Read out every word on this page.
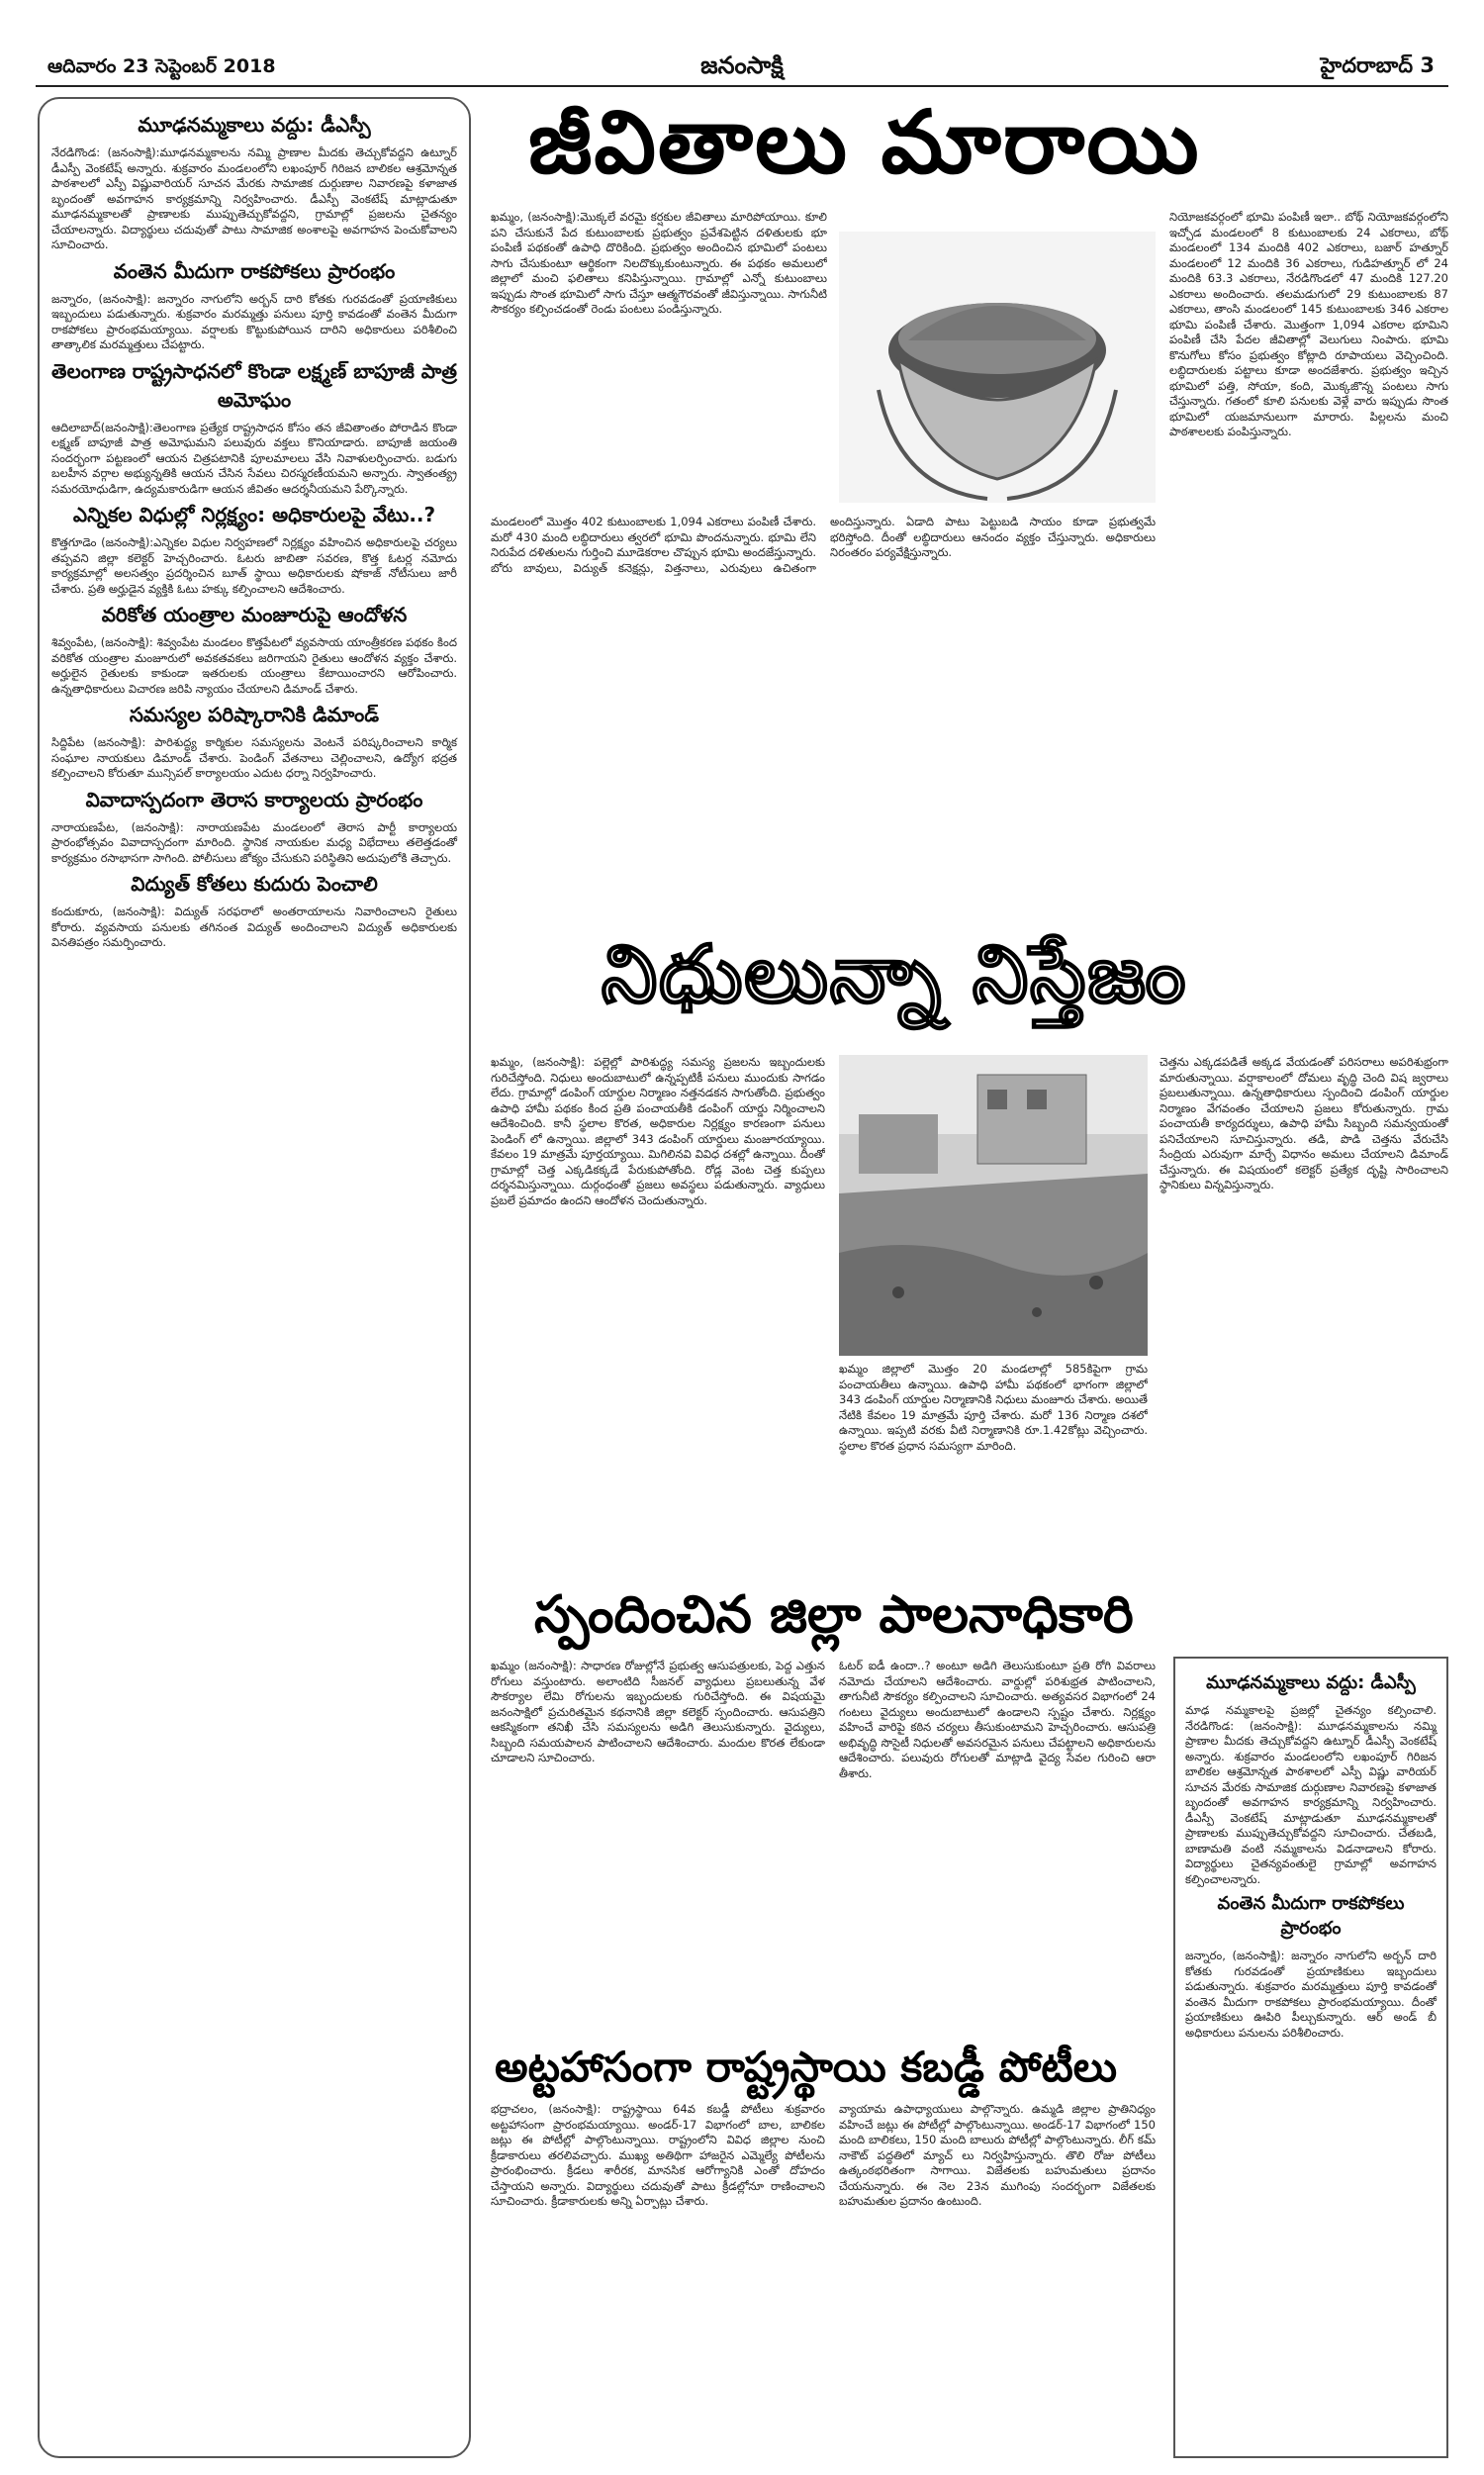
ఆదివారం 23 సెప్టెంబర్ 2018	జనంసాక్షి	హైదరాబాద్ 3
మూఢనమ్మకాలు వద్దు: డీఎస్పీ
నేరడిగొండ: (జనంసాక్షి):మూఢనమ్మకాలను నమ్మి ప్రాణాల మీదకు తెచ్చుకోవద్దని ఉట్నూర్ డీఎస్పీ వెంకటేష్ అన్నారు. శుక్రవారం మండలంలోని లఖంపూర్ గిరిజన బాలికల ఆశ్రమోన్నత పాఠశాలలో ఎస్పీ విష్ణువారియర్ సూచన మేరకు సామాజిక దుర్గుణాల నివారణపై కళాజాత బృందంతో అవగాహన కార్యక్రమాన్ని నిర్వహించారు. డీఎస్పీ వెంకటేష్ మాట్లాడుతూ మూఢనమ్మకాలతో ప్రాణాలకు ముప్పుతెచ్చుకోవద్దని, గ్రామాల్లో ప్రజలను చైతన్యం చేయాలన్నారు. విద్యార్థులు చదువుతో పాటు సామాజిక అంశాలపై అవగాహన పెంచుకోవాలని సూచించారు.
వంతెన మీదుగా రాకపోకలు ప్రారంభం
జన్నారం, (జనంసాక్షి): జన్నారం నాగులోని అర్బన్ దారి కోతకు గురవడంతో ప్రయాణికులు ఇబ్బందులు పడుతున్నారు. శుక్రవారం మరమ్మత్తు పనులు పూర్తి కావడంతో వంతెన మీదుగా రాకపోకలు ప్రారంభమయ్యాయి. వర్షాలకు కొట్టుకుపోయిన దారిని అధికారులు పరిశీలించి తాత్కాలిక మరమ్మత్తులు చేపట్టారు.
తెలంగాణ రాష్ట్రసాధనలో కొండా లక్ష్మణ్ బాపూజీ పాత్ర అమోఘం
ఆదిలాబాద్(జనంసాక్షి):తెలంగాణ ప్రత్యేక రాష్ట్రసాధన కోసం తన జీవితాంతం పోరాడిన కొండా లక్ష్మణ్ బాపూజీ పాత్ర అమోఘమని పలువురు వక్తలు కొనియాడారు. బాపూజీ జయంతి సందర్భంగా పట్టణంలో ఆయన చిత్రపటానికి పూలమాలలు వేసి నివాళులర్పించారు. బడుగు బలహీన వర్గాల అభ్యున్నతికి ఆయన చేసిన సేవలు చిరస్మరణీయమని అన్నారు. స్వాతంత్య్ర సమరయోధుడిగా, ఉద్యమకారుడిగా ఆయన జీవితం ఆదర్శనీయమని పేర్కొన్నారు.
ఎన్నికల విధుల్లో నిర్లక్ష్యం: అధికారులపై వేటు..?
కొత్తగూడెం (జనంసాక్షి):ఎన్నికల విధుల నిర్వహణలో నిర్లక్ష్యం వహించిన అధికారులపై చర్యలు తప్పవని జిల్లా కలెక్టర్ హెచ్చరించారు. ఓటరు జాబితా సవరణ, కొత్త ఓటర్ల నమోదు కార్యక్రమాల్లో అలసత్వం ప్రదర్శించిన బూత్ స్థాయి అధికారులకు షోకాజ్ నోటీసులు జారీ చేశారు. ప్రతి అర్హుడైన వ్యక్తికి ఓటు హక్కు కల్పించాలని ఆదేశించారు.
వరికోత యంత్రాల మంజూరుపై ఆందోళన
శివ్వంపేట, (జనంసాక్షి): శివ్వంపేట మండలం కొత్తపేటలో వ్యవసాయ యాంత్రీకరణ పథకం కింద వరికోత యంత్రాల మంజూరులో అవకతవకలు జరిగాయని రైతులు ఆందోళన వ్యక్తం చేశారు. అర్హులైన రైతులకు కాకుండా ఇతరులకు యంత్రాలు కేటాయించారని ఆరోపించారు. ఉన్నతాధికారులు విచారణ జరిపి న్యాయం చేయాలని డిమాండ్ చేశారు.
సమస్యల పరిష్కారానికి డిమాండ్
సిద్దిపేట (జనంసాక్షి): పారిశుద్ధ్య కార్మికుల సమస్యలను వెంటనే పరిష్కరించాలని కార్మిక సంఘాల నాయకులు డిమాండ్ చేశారు. పెండింగ్ వేతనాలు చెల్లించాలని, ఉద్యోగ భద్రత కల్పించాలని కోరుతూ మున్సిపల్ కార్యాలయం ఎదుట ధర్నా నిర్వహించారు.
వివాదాస్పదంగా తెరాస కార్యాలయ ప్రారంభం
నారాయణపేట, (జనంసాక్షి): నారాయణపేట మండలంలో తెరాస పార్టీ కార్యాలయ ప్రారంభోత్సవం వివాదాస్పదంగా మారింది. స్థానిక నాయకుల మధ్య విభేదాలు తలెత్తడంతో కార్యక్రమం రసాభాసగా సాగింది. పోలీసులు జోక్యం చేసుకుని పరిస్థితిని అదుపులోకి తెచ్చారు.
విద్యుత్ కోతలు కుదురు పెంచాలి
కందుకూరు, (జనంసాక్షి): విద్యుత్ సరఫరాలో అంతరాయాలను నివారించాలని రైతులు కోరారు. వ్యవసాయ పనులకు తగినంత విద్యుత్ అందించాలని విద్యుత్ అధికారులకు వినతిపత్రం సమర్పించారు.
జీవితాలు మారాయి
ఖమ్మం, (జనంసాక్షి):మొక్కలే వరమై కర్షకుల జీవితాలు మారిపోయాయి. కూలి పని చేసుకునే పేద కుటుంబాలకు ప్రభుత్వం ప్రవేశపెట్టిన దళితులకు భూ పంపిణీ పథకంతో ఉపాధి దొరికింది. ప్రభుత్వం అందించిన భూమిలో పంటలు సాగు చేసుకుంటూ ఆర్థికంగా నిలదొక్కుకుంటున్నారు. ఈ పథకం అమలులో జిల్లాలో మంచి ఫలితాలు కనిపిస్తున్నాయి. గ్రామాల్లో ఎన్నో కుటుంబాలు ఇప్పుడు సొంత భూమిలో సాగు చేస్తూ ఆత్మగౌరవంతో జీవిస్తున్నాయి. సాగునీటి సౌకర్యం కల్పించడంతో రెండు పంటలు పండిస్తున్నారు.
నియోజకవర్గంలో భూమి పంపిణీ ఇలా.. బోథ్ నియోజకవర్గంలోని ఇచ్చోడ మండలంలో 8 కుటుంబాలకు 24 ఎకరాలు, బోథ్ మండలంలో 134 మందికి 402 ఎకరాలు, బజార్ హత్నూర్ మండలంలో 12 మందికి 36 ఎకరాలు, గుడిహత్నూర్ లో 24 మందికి 63.3 ఎకరాలు, నేరడిగొండలో 47 మందికి 127.20 ఎకరాలు అందించారు. తలమడుగులో 29 కుటుంబాలకు 87 ఎకరాలు, తాంసి మండలంలో 145 కుటుంబాలకు 346 ఎకరాల భూమి పంపిణీ చేశారు. మొత్తంగా 1,094 ఎకరాల భూమిని పంపిణీ చేసి పేదల జీవితాల్లో వెలుగులు నింపారు. భూమి కొనుగోలు కోసం ప్రభుత్వం కోట్లాది రూపాయలు వెచ్చించింది. లబ్ధిదారులకు పట్టాలు కూడా అందజేశారు. ప్రభుత్వం ఇచ్చిన భూమిలో పత్తి, సోయా, కంది, మొక్కజొన్న పంటలు సాగు చేస్తున్నారు. గతంలో కూలి పనులకు వెళ్లే వారు ఇప్పుడు సొంత భూమిలో యజమానులుగా మారారు. పిల్లలను మంచి పాఠశాలలకు పంపిస్తున్నారు.
మండలంలో మొత్తం 402 కుటుంబాలకు 1,094 ఎకరాలు పంపిణీ చేశారు. మరో 430 మంది లబ్ధిదారులు త్వరలో భూమి పొందనున్నారు. భూమి లేని నిరుపేద దళితులను గుర్తించి మూడెకరాల చొప్పున భూమి అందజేస్తున్నారు. బోరు బావులు, విద్యుత్ కనెక్షన్లు, విత్తనాలు, ఎరువులు ఉచితంగా అందిస్తున్నారు. ఏడాది పాటు పెట్టుబడి సాయం కూడా ప్రభుత్వమే భరిస్తోంది. దీంతో లబ్ధిదారులు ఆనందం వ్యక్తం చేస్తున్నారు. అధికారులు నిరంతరం పర్యవేక్షిస్తున్నారు.
నిధులున్నా నిస్తేజం
ఖమ్మం, (జనంసాక్షి): పల్లెల్లో పారిశుద్ధ్య సమస్య ప్రజలను ఇబ్బందులకు గురిచేస్తోంది. నిధులు అందుబాటులో ఉన్నప్పటికీ పనులు ముందుకు సాగడం లేదు. గ్రామాల్లో డంపింగ్ యార్డుల నిర్మాణం నత్తనడకన సాగుతోంది. ప్రభుత్వం ఉపాధి హామీ పథకం కింద ప్రతి పంచాయతీకి డంపింగ్ యార్డు నిర్మించాలని ఆదేశించింది. కానీ స్థలాల కొరత, అధికారుల నిర్లక్ష్యం కారణంగా పనులు పెండింగ్ లో ఉన్నాయి. జిల్లాలో 343 డంపింగ్ యార్డులు మంజూరయ్యాయి. కేవలం 19 మాత్రమే పూర్తయ్యాయి. మిగిలినవి వివిధ దశల్లో ఉన్నాయి. దీంతో గ్రామాల్లో చెత్త ఎక్కడికక్కడే పేరుకుపోతోంది. రోడ్ల వెంట చెత్త కుప్పలు దర్శనమిస్తున్నాయి. దుర్గంధంతో ప్రజలు అవస్థలు పడుతున్నారు. వ్యాధులు ప్రబలే ప్రమాదం ఉందని ఆందోళన చెందుతున్నారు.
ఖమ్మం జిల్లాలో మొత్తం 20 మండలాల్లో 585కిపైగా గ్రామ పంచాయతీలు ఉన్నాయి. ఉపాధి హామీ పథకంలో భాగంగా జిల్లాలో 343 డంపింగ్ యార్డుల నిర్మాణానికి నిధులు మంజూరు చేశారు. అయితే నేటికి కేవలం 19 మాత్రమే పూర్తి చేశారు. మరో 136 నిర్మాణ దశలో ఉన్నాయి. ఇప్పటి వరకు వీటి నిర్మాణానికి రూ.1.42కోట్లు వెచ్చించారు. స్థలాల కొరత ప్రధాన సమస్యగా మారింది.
చెత్తను ఎక్కడపడితే అక్కడ వేయడంతో పరిసరాలు అపరిశుభ్రంగా మారుతున్నాయి. వర్షాకాలంలో దోమలు వృద్ధి చెంది విష జ్వరాలు ప్రబలుతున్నాయి. ఉన్నతాధికారులు స్పందించి డంపింగ్ యార్డుల నిర్మాణం వేగవంతం చేయాలని ప్రజలు కోరుతున్నారు. గ్రామ పంచాయతీ కార్యదర్శులు, ఉపాధి హామీ సిబ్బంది సమన్వయంతో పనిచేయాలని సూచిస్తున్నారు. తడి, పొడి చెత్తను వేరుచేసి సేంద్రియ ఎరువుగా మార్చే విధానం అమలు చేయాలని డిమాండ్ చేస్తున్నారు. ఈ విషయంలో కలెక్టర్ ప్రత్యేక దృష్టి సారించాలని స్థానికులు విన్నవిస్తున్నారు.
స్పందించిన జిల్లా పాలనాధికారి
ఖమ్మం (జనంసాక్షి): సాధారణ రోజుల్లోనే ప్రభుత్వ ఆసుపత్రులకు, పెద్ద ఎత్తున రోగులు వస్తుంటారు. అలాంటిది సీజనల్ వ్యాధులు ప్రబలుతున్న వేళ సౌకర్యాల లేమి రోగులను ఇబ్బందులకు గురిచేస్తోంది. ఈ విషయమై జనంసాక్షిలో ప్రచురితమైన కథనానికి జిల్లా కలెక్టర్ స్పందించారు. ఆసుపత్రిని ఆకస్మికంగా తనిఖీ చేసి సమస్యలను అడిగి తెలుసుకున్నారు. వైద్యులు, సిబ్బంది సమయపాలన పాటించాలని ఆదేశించారు. మందుల కొరత లేకుండా చూడాలని సూచించారు.
ఓటర్ ఐడీ ఉందా..? అంటూ అడిగి తెలుసుకుంటూ ప్రతి రోగి వివరాలు నమోదు చేయాలని ఆదేశించారు. వార్డుల్లో పరిశుభ్రత పాటించాలని, తాగునీటి సౌకర్యం కల్పించాలని సూచించారు. అత్యవసర విభాగంలో 24 గంటలు వైద్యులు అందుబాటులో ఉండాలని స్పష్టం చేశారు. నిర్లక్ష్యం వహించే వారిపై కఠిన చర్యలు తీసుకుంటామని హెచ్చరించారు. ఆసుపత్రి అభివృద్ధి సొసైటీ నిధులతో అవసరమైన పనులు చేపట్టాలని అధికారులను ఆదేశించారు. పలువురు రోగులతో మాట్లాడి వైద్య సేవల గురించి ఆరా తీశారు.
అట్టహాసంగా రాష్ట్రస్థాయి కబడ్డీ పోటీలు
భద్రాచలం, (జనంసాక్షి): రాష్ట్రస్థాయి 64వ కబడ్డీ పోటీలు శుక్రవారం అట్టహాసంగా ప్రారంభమయ్యాయి. అండర్-17 విభాగంలో బాల, బాలికల జట్లు ఈ పోటీల్లో పాల్గొంటున్నాయి. రాష్ట్రంలోని వివిధ జిల్లాల నుంచి క్రీడాకారులు తరలివచ్చారు. ముఖ్య అతిథిగా హాజరైన ఎమ్మెల్యే పోటీలను ప్రారంభించారు. క్రీడలు శారీరక, మానసిక ఆరోగ్యానికి ఎంతో దోహదం చేస్తాయని అన్నారు. విద్యార్థులు చదువుతో పాటు క్రీడల్లోనూ రాణించాలని సూచించారు. క్రీడాకారులకు అన్ని ఏర్పాట్లు చేశారు.
వ్యాయామ ఉపాధ్యాయులు పాల్గొన్నారు. ఉమ్మడి జిల్లాల ప్రాతినిధ్యం వహించే జట్లు ఈ పోటీల్లో పాల్గొంటున్నాయి. అండర్-17 విభాగంలో 150 మంది బాలికలు, 150 మంది బాలురు పోటీల్లో పాల్గొంటున్నారు. లీగ్ కమ్ నాకౌట్ పద్ధతిలో మ్యాచ్ లు నిర్వహిస్తున్నారు. తొలి రోజు పోటీలు ఉత్కంఠభరితంగా సాగాయి. విజేతలకు బహుమతులు ప్రదానం చేయనున్నారు. ఈ నెల 23న ముగింపు సందర్భంగా విజేతలకు బహుమతుల ప్రదానం ఉంటుంది.
మూఢనమ్మకాలు వద్దు: డీఎస్పీ
మాఢ నమ్మకాలపై ప్రజల్లో చైతన్యం కల్పించాలి. నేరడిగొండ: (జనంసాక్షి): మూఢనమ్మకాలను నమ్మి ప్రాణాల మీదకు తెచ్చుకోవద్దని ఉట్నూర్ డీఎస్పీ వెంకటేష్ అన్నారు. శుక్రవారం మండలంలోని లఖంపూర్ గిరిజన బాలికల ఆశ్రమోన్నత పాఠశాలలో ఎస్పీ విష్ణు వారియర్ సూచన మేరకు సామాజిక దుర్గుణాల నివారణపై కళాజాత బృందంతో అవగాహన కార్యక్రమాన్ని నిర్వహించారు. డీఎస్పీ వెంకటేష్ మాట్లాడుతూ మూఢనమ్మకాలతో ప్రాణాలకు ముప్పుతెచ్చుకోవద్దని సూచించారు. చేతబడి, బాణామతి వంటి నమ్మకాలను విడనాడాలని కోరారు. విద్యార్థులు చైతన్యవంతులై గ్రామాల్లో అవగాహన కల్పించాలన్నారు.
వంతెన మీదుగా రాకపోకలు ప్రారంభం
జన్నారం, (జనంసాక్షి): జన్నారం నాగులోని అర్బన్ దారి కోతకు గురవడంతో ప్రయాణికులు ఇబ్బందులు పడుతున్నారు. శుక్రవారం మరమ్మత్తులు పూర్తి కావడంతో వంతెన మీదుగా రాకపోకలు ప్రారంభమయ్యాయి. దీంతో ప్రయాణికులు ఊపిరి పీల్చుకున్నారు. ఆర్ అండ్ బీ అధికారులు పనులను పరిశీలించారు.
